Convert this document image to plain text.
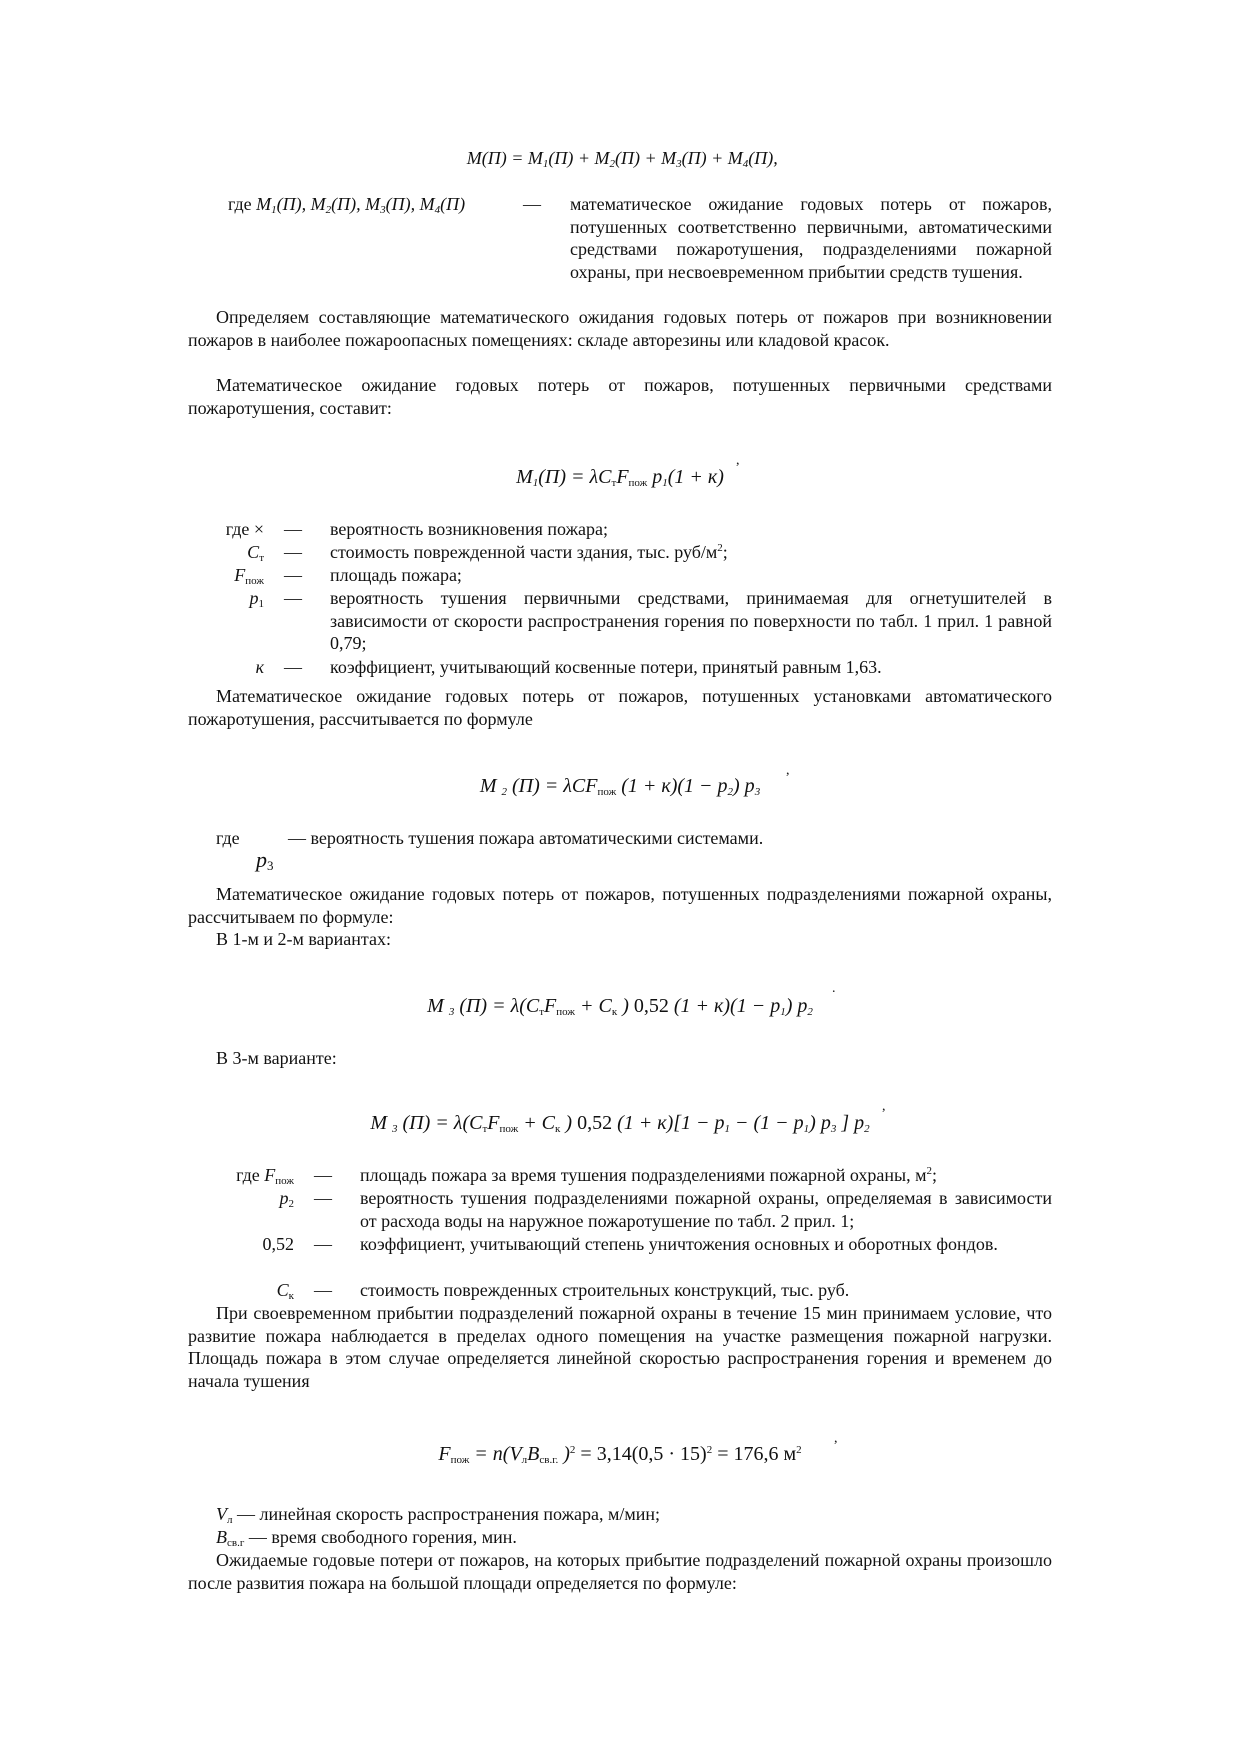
$M(П) = M_1(П) + M_2(П) + M_3(П) + M_4(П)$,
где $M_1(П)$, $M_2(П)$, $M_3(П)$, $M_4(П)$	— математическое ожидание годовых потерь от пожаров, потушенных соответственно первичными, автоматическими средствами пожаротушения, подразделениями пожарной охраны, при несвоевременном прибытии средств тушения.

Определяем составляющие математического ожидания годовых потерь от пожаров при возникновении пожаров в наиболее пожароопасных помещениях: складе авторезины или кладовой красок.

Математическое ожидание годовых потерь от пожаров, потушенных первичными средствами пожаротушения, составит:

$M_1(П) = \lambda C_тF_{пож}$ $p_1(1 + к)$
,
где × — вероятность возникновения пожара;
$C_т$ — стоимость поврежденной части здания, тыс. руб/$м^2$;
$F_{пож}$ — площадь пожара;
$p_1$ — вероятность тушения первичными средствами, принимаемая для огнетушителей в зависимости от скорости распространения горения по поверхности по табл. 1 прил. 1 равной 0,79;
к — коэффициент, учитывающий косвенные потери, принятый равным 1,63.

Математическое ожидание годовых потерь от пожаров, потушенных установками автоматического пожаротушения, рассчитывается по формуле

M $_2$ (П) = λCF$_{пож}$ $(1 + к)(1 - p_2)$ $p_3$
,
где	— вероятность тушения пожара автоматическими системами.
$p_3$

Математическое ожидание годовых потерь от пожаров, потушенных подразделениями пожарной охраны, рассчитываем по формуле:

В 1-м и 2-м вариантах:

M $_3$ $(П) = \lambda(C_тF_{пож} + C_к$ ) 0,52 $(1 + к)(1 - p_1)$ $p_2$
.

В 3-м варианте:

M $_3$ $(П) = \lambda(C_тF_{пож} + C_к$ ) 0,52 $(1 + к)[1 - p_1 - (1 - p_1)$ $p_3$ ] $p_2$
,
где $F_{пож}$ — площадь пожара за время тушения подразделениями пожарной охраны, $м^2$;
$p_2$ — вероятность тушения подразделениями пожарной охраны, определяемая в зависимости от расхода воды на наружное пожаротушение по табл. 2 прил. 1;
0,52 — коэффициент, учитывающий степень уничтожения основных и оборотных фондов.
$C_к$ — стоимость поврежденных строительных конструкций, тыс. руб.

При своевременном прибытии подразделений пожарной охраны в течение 15 мин принимаем условие, что развитие пожара наблюдается в пределах одного помещения на участке размещения пожарной нагрузки. Площадь пожара в этом случае определяется линейной скоростью распространения горения и временем до начала тушения

$F_{пож} = n(V_лB_{св.г.}$ )$^2 = 3,14(0,5 \cdot 15)^2 = 176,6$ $м^2$
,
$V_л$ — линейная скорость распространения пожара, м/мин;
$B_{св.г}$ — время свободного горения, мин.

Ожидаемые годовые потери от пожаров, на которых прибытие подразделений пожарной охраны произошло после развития пожара на большой площади определяется по формуле:
